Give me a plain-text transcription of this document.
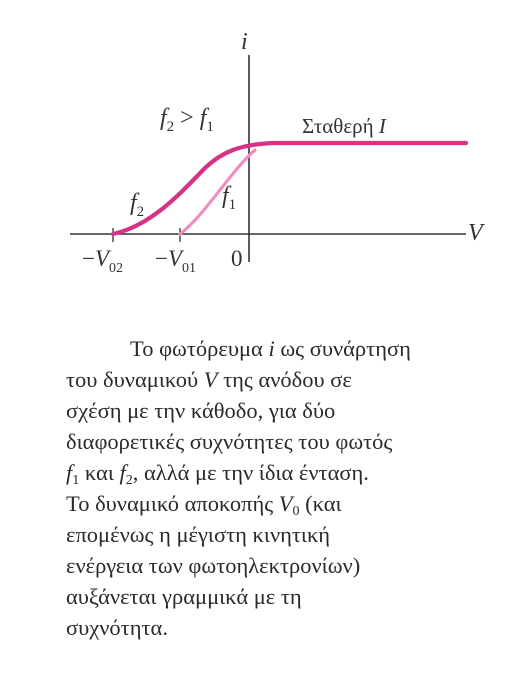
i
V
$f_2 > f_1$	Σταθερή I
$f_2$
$f_1$
$-V_{02} -V_{01}$ 0
Το φωτόρευμα i ως συνάρτηση
του δυναμικού V της ανόδου σε
σχέση με την κάθοδο, για δύο
διαφορετικές συχνότητες του φωτός
$f_1$ και $f_2$, αλλά με την ίδια ένταση.
Το δυναμικό αποκοπής $V_0$ (και
επομένως η μέγιστη κινητική
ενέργεια των φωτοηλεκτρονίων)
αυξάνεται γραμμικά με τη
συχνότητα.
